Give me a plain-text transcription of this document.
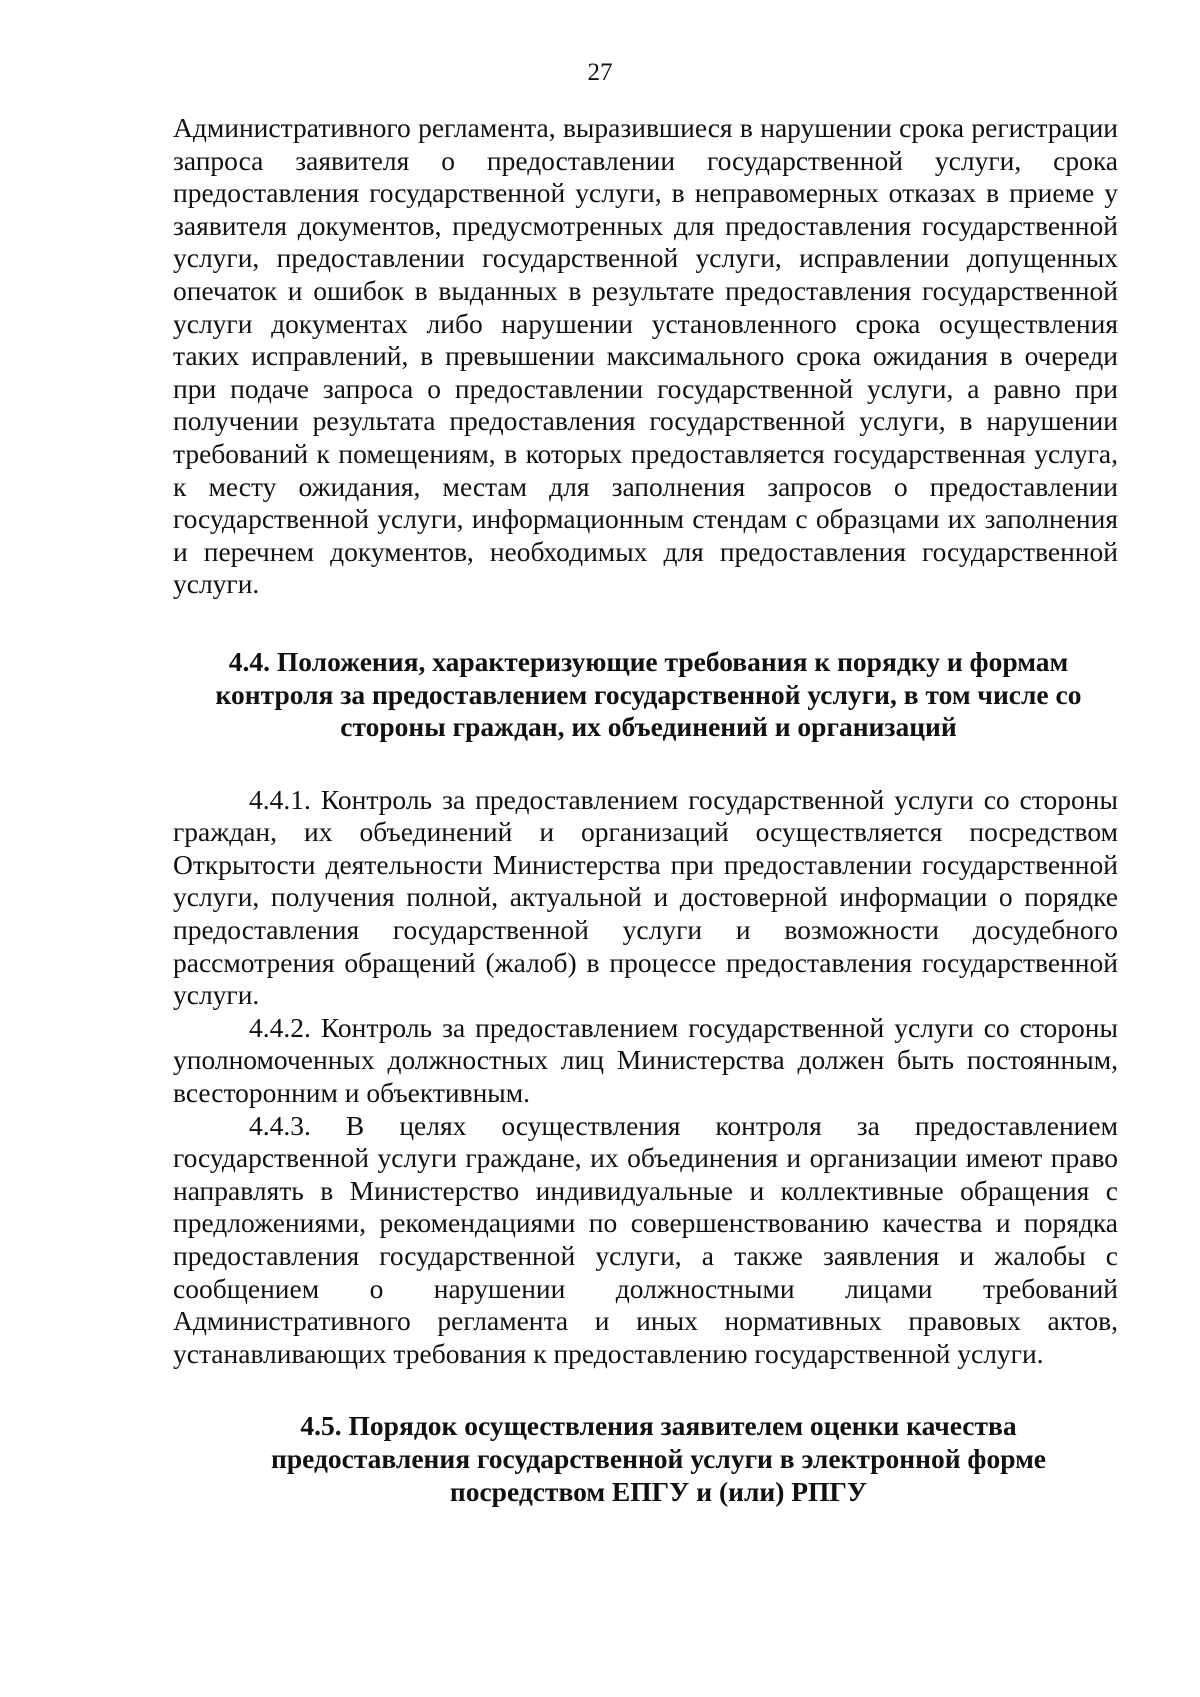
27

Административного регламента, выразившиеся в нарушении срока регистрации запроса заявителя о предоставлении государственной услуги, срока предоставления государственной услуги, в неправомерных отказах в приеме у заявителя документов, предусмотренных для предоставления государственной услуги, предоставлении государственной услуги, исправлении допущенных опечаток и ошибок в выданных в результате предоставления государственной услуги документах либо нарушении установленного срока осуществления таких исправлений, в превышении максимального срока ожидания в очереди при подаче запроса о предоставлении государственной услуги, а равно при получении результата предоставления государственной услуги, в нарушении требований к помещениям, в которых предоставляется государственная услуга, к месту ожидания, местам для заполнения запросов о предоставлении государственной услуги, информационным стендам с образцами их заполнения и перечнем документов, необходимых для предоставления государственной услуги.

4.4. Положения, характеризующие требования к порядку и формам контроля за предоставлением государственной услуги, в том числе со стороны граждан, их объединений и организаций

4.4.1. Контроль за предоставлением государственной услуги со стороны граждан, их объединений и организаций осуществляется посредством Открытости деятельности Министерства при предоставлении государственной услуги, получения полной, актуальной и достоверной информации о порядке предоставления государственной услуги и возможности досудебного рассмотрения обращений (жалоб) в процессе предоставления государственной услуги.

4.4.2. Контроль за предоставлением государственной услуги со стороны уполномоченных должностных лиц Министерства должен быть постоянным, всесторонним и объективным.

4.4.3. В целях осуществления контроля за предоставлением государственной услуги граждане, их объединения и организации имеют право направлять в Министерство индивидуальные и коллективные обращения с предложениями, рекомендациями по совершенствованию качества и порядка предоставления государственной услуги, а также заявления и жалобы с сообщением о нарушении должностными лицами требований Административного регламента и иных нормативных правовых актов, устанавливающих требования к предоставлению государственной услуги.

4.5. Порядок осуществления заявителем оценки качества предоставления государственной услуги в электронной форме посредством ЕПГУ и (или) РПГУ
